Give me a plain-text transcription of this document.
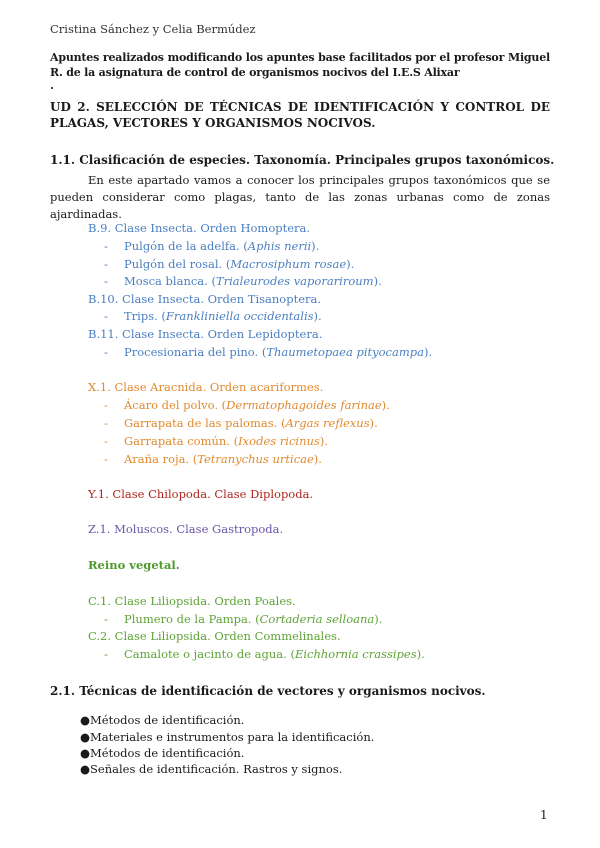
Cristina Sánchez y Celia Bermúdez
Apuntes realizados modificando los apuntes base facilitados por el profesor Miguel R. de la asignatura de control de organismos nocivos del I.E.S Alixar
.
UD 2. SELECCIÓN DE TÉCNICAS DE IDENTIFICACIÓN Y CONTROL DE PLAGAS, VECTORES Y ORGANISMOS NOCIVOS.
1.1. Clasificación de especies. Taxonomía. Principales grupos taxonómicos.
En este apartado vamos a conocer los principales grupos taxonómicos que se pueden considerar como plagas, tanto de las zonas urbanas como de zonas ajardinadas.
B.9. Clase Insecta. Orden Homoptera.
- Pulgón de la adelfa. (Aphis nerii).
- Pulgón del rosal. (Macrosiphum rosae).
- Mosca blanca. (Trialeurodes vaporariroum).
B.10. Clase Insecta. Orden Tisanoptera.
- Trips. (Frankliniella occidentalis).
B.11. Clase Insecta. Orden Lepidoptera.
- Procesionaria del pino. (Thaumetopaea pityocampa).
X.1. Clase Aracnida. Orden acariformes.
- Ácaro del polvo. (Dermatophagoides farinae).
- Garrapata de las palomas. (Argas reflexus).
- Garrapata común. (Ixodes ricinus).
- Araña roja. (Tetranychus urticae).
Y.1. Clase Chilopoda. Clase Diplopoda.
Z.1. Moluscos. Clase Gastropoda.
Reino vegetal.
C.1. Clase Liliopsida. Orden Poales.
- Plumero de la Pampa. (Cortaderia selloana).
C.2. Clase Liliopsida. Orden Commelinales.
- Camalote o jacinto de agua. (Eichhornia crassipes).
2.1. Técnicas de identificación de vectores y organismos nocivos.
●Métodos de identificación.
●Materiales e instrumentos para la identificación.
●Métodos de identificación.
●Señales de identificación. Rastros y signos.
1
